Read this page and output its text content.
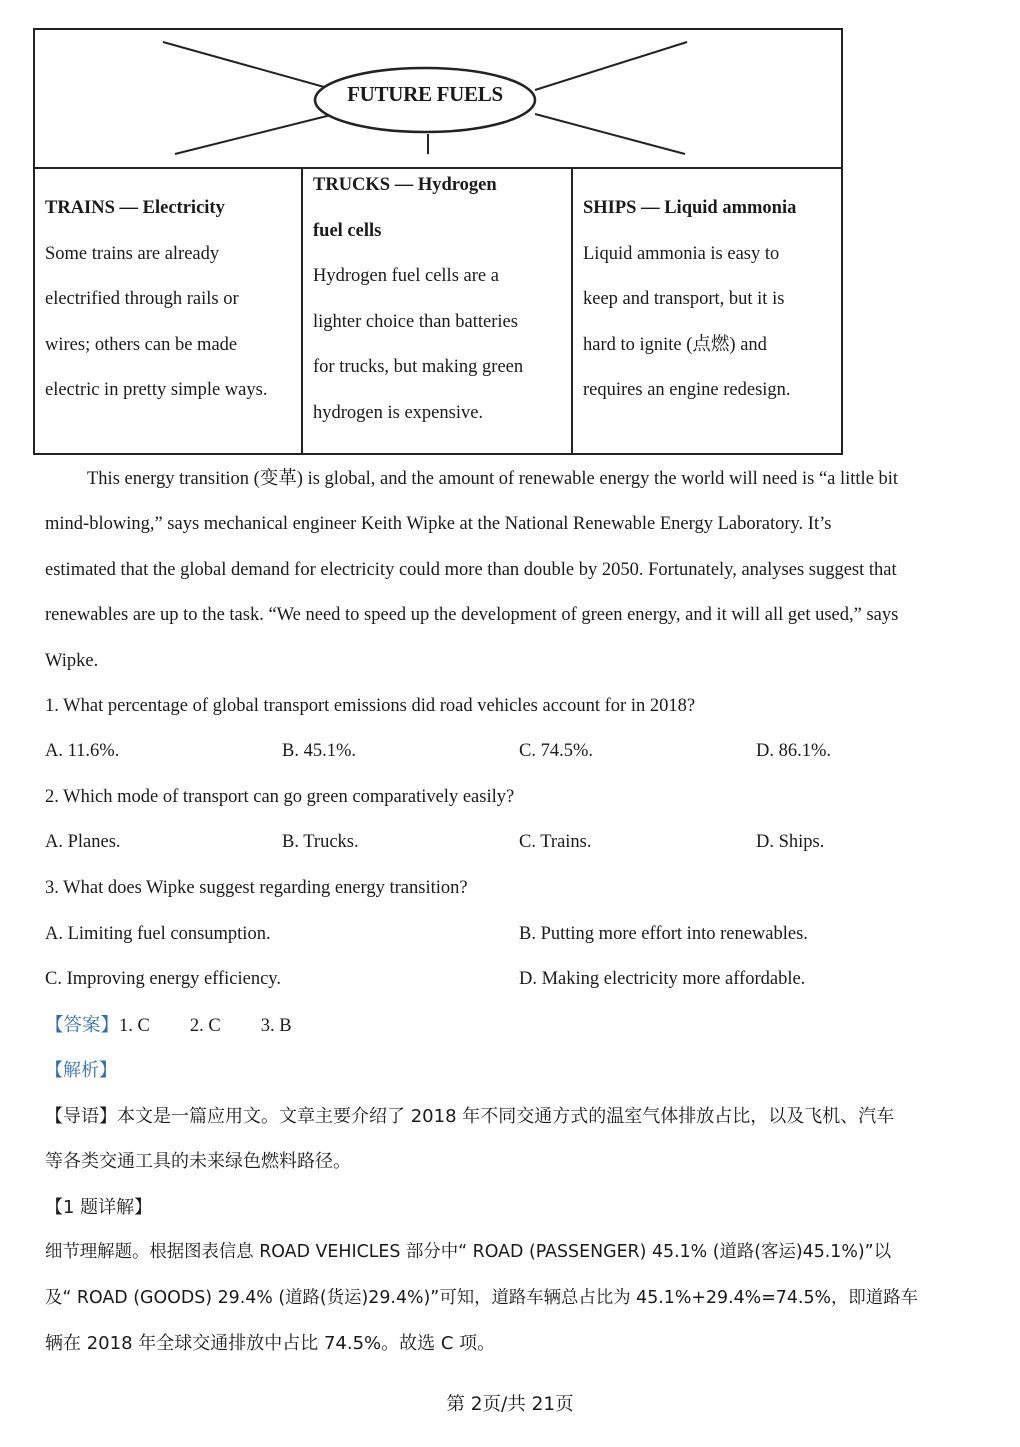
FUTURE FUELS

TRAINS — Electricity

Some trains are already

electrified through rails or

wires; others can be made

electric in pretty simple ways.

TRUCKS — Hydrogen

fuel cells

Hydrogen fuel cells are a

lighter choice than batteries

for trucks, but making green

hydrogen is expensive.

SHIPS — Liquid ammonia

Liquid ammonia is easy to

keep and transport, but it is

hard to ignite (点燃) and

requires an engine redesign.

This energy transition (变革) is global, and the amount of renewable energy the world will need is “a little bit
mind-blowing,” says mechanical engineer Keith Wipke at the National Renewable Energy Laboratory. It’s
estimated that the global demand for electricity could more than double by 2050. Fortunately, analyses suggest that
renewables are up to the task. “We need to speed up the development of green energy, and it will all get used,” says
Wipke.
1. What percentage of global transport emissions did road vehicles account for in 2018?
A. 11.6%.	B. 45.1%.	C. 74.5%.	D. 86.1%.
2. Which mode of transport can go green comparatively easily?
A. Planes.	B. Trucks.	C. Trains.	D. Ships.
3. What does Wipke suggest regarding energy transition?
A. Limiting fuel consumption.	B. Putting more effort into renewables.
C. Improving energy efficiency.	D. Making electricity more affordable.
【答案】1. C 2. C 3. B
【解析】
【导语】本文是一篇应用文。文章主要介绍了 2018 年不同交通方式的温室气体排放占比，以及飞机、汽车
等各类交通工具的未来绿色燃料路径。
【1 题详解】
细节理解题。根据图表信息 ROAD VEHICLES 部分中“ ROAD (PASSENGER) 45.1% (道路(客运)45.1%)”以
及“ ROAD (GOODS) 29.4% (道路(货运)29.4%)”可知，道路车辆总占比为 45.1%+29.4%=74.5%，即道路车
辆在 2018 年全球交通排放中占比 74.5%。故选 C 项。
第 2页/共 21页
